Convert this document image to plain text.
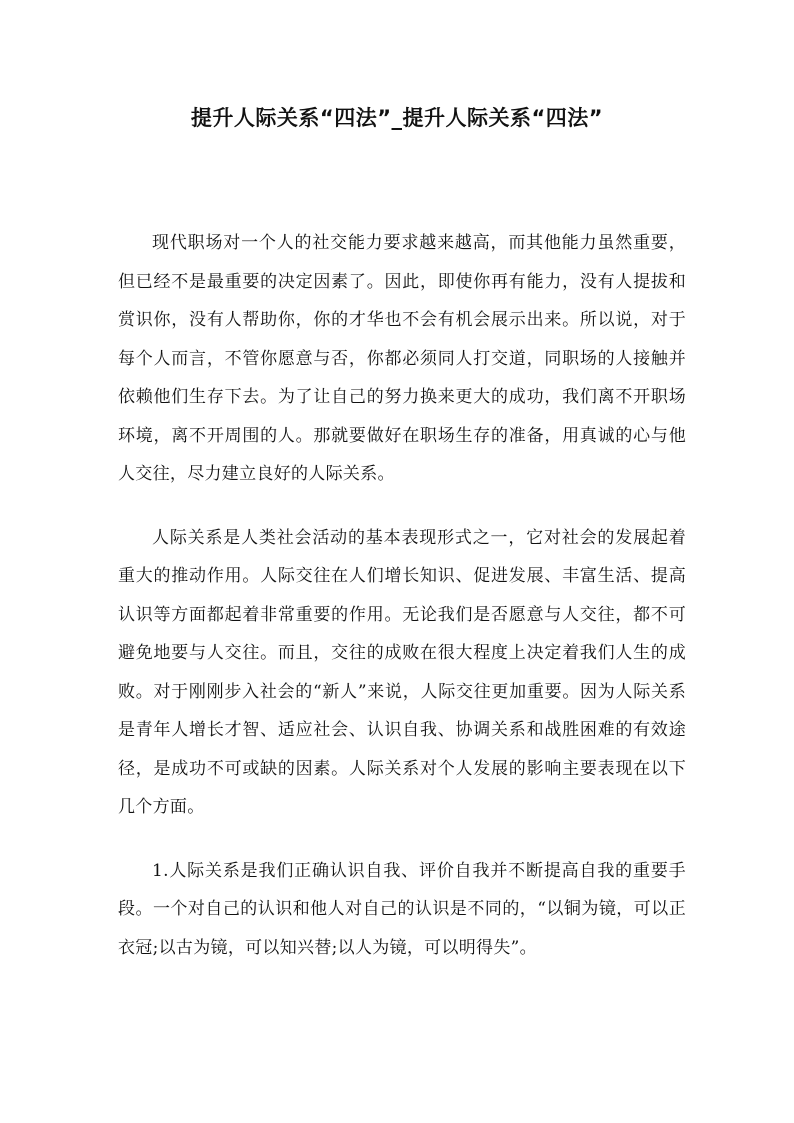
提升人际关系“四法”_提升人际关系“四法”

现代职场对一个人的社交能力要求越来越高，而其他能力虽然重要，但已经不是最重要的决定因素了。因此，即使你再有能力，没有人提拔和赏识你，没有人帮助你，你的才华也不会有机会展示出来。所以说，对于每个人而言，不管你愿意与否，你都必须同人打交道，同职场的人接触并依赖他们生存下去。为了让自己的努力换来更大的成功，我们离不开职场环境，离不开周围的人。那就要做好在职场生存的准备，用真诚的心与他人交往，尽力建立良好的人际关系。

人际关系是人类社会活动的基本表现形式之一，它对社会的发展起着重大的推动作用。人际交往在人们增长知识、促进发展、丰富生活、提高认识等方面都起着非常重要的作用。无论我们是否愿意与人交往，都不可避免地要与人交往。而且，交往的成败在很大程度上决定着我们人生的成败。对于刚刚步入社会的“新人”来说，人际交往更加重要。因为人际关系是青年人增长才智、适应社会、认识自我、协调关系和战胜困难的有效途径，是成功不可或缺的因素。人际关系对个人发展的影响主要表现在以下几个方面。

1.人际关系是我们正确认识自我、评价自我并不断提高自我的重要手段。一个对自己的认识和他人对自己的认识是不同的，“以铜为镜，可以正衣冠;以古为镜，可以知兴替;以人为镜，可以明得失”。
